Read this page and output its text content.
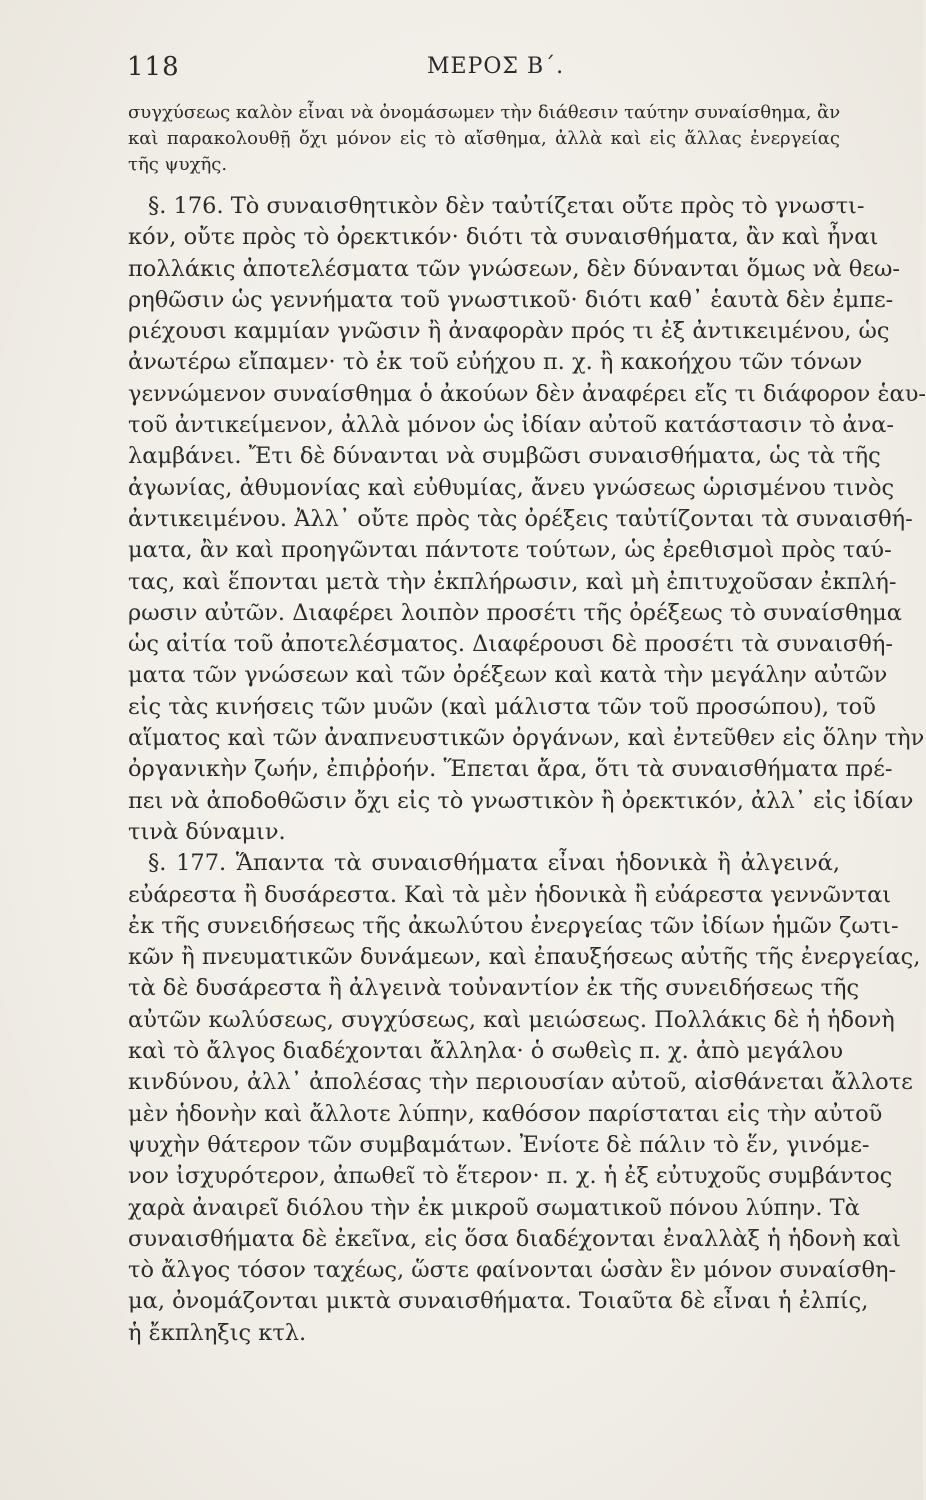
118	ΜΕΡΟΣ Β΄.
συγχύσεως καλὸν εἶναι νὰ ὀνομάσωμεν τὴν διάθεσιν ταύτην συναίσθημα, ἂν
καὶ παρακολουθῇ ὄχι μόνον εἰς τὸ αἴσθημα, ἀλλὰ καὶ εἰς ἄλλας ἐνεργείας
τῆς ψυχῆς.
§. 176. Τὸ συναισθητικὸν δὲν ταὐτίζεται οὔτε πρὸς τὸ γνωστι-
κόν, οὔτε πρὸς τὸ ὀρεκτικόν· διότι τὰ συναισθήματα, ἂν καὶ ἦναι
πολλάκις ἀποτελέσματα τῶν γνώσεων, δὲν δύνανται ὅμως νὰ θεω-
ρηθῶσιν ὡς γεννήματα τοῦ γνωστικοῦ· διότι καθ᾽ ἑαυτὰ δὲν ἐμπε-
ριέχουσι καμμίαν γνῶσιν ἢ ἀναφορὰν πρός τι ἐξ ἀντικειμένου, ὡς
ἀνωτέρω εἴπαμεν· τὸ ἐκ τοῦ εὐήχου π. χ. ἢ κακοήχου τῶν τόνων
γεννώμενον συναίσθημα ὁ ἀκούων δὲν ἀναφέρει εἴς τι διάφορον ἑαυ-
τοῦ ἀντικείμενον, ἀλλὰ μόνον ὡς ἰδίαν αὐτοῦ κατάστασιν τὸ ἀνα-
λαμβάνει. Ἔτι δὲ δύνανται νὰ συμβῶσι συναισθήματα, ὡς τὰ τῆς
ἀγωνίας, ἀθυμονίας καὶ εὐθυμίας, ἄνευ γνώσεως ὡρισμένου τινὸς
ἀντικειμένου. Ἀλλ᾽ οὔτε πρὸς τὰς ὀρέξεις ταὐτίζονται τὰ συναισθή-
ματα, ἂν καὶ προηγῶνται πάντοτε τούτων, ὡς ἐρεθισμοὶ πρὸς ταύ-
τας, καὶ ἕπονται μετὰ τὴν ἐκπλήρωσιν, καὶ μὴ ἐπιτυχοῦσαν ἐκπλή-
ρωσιν αὐτῶν. Διαφέρει λοιπὸν προσέτι τῆς ὀρέξεως τὸ συναίσθημα
ὡς αἰτία τοῦ ἀποτελέσματος. Διαφέρουσι δὲ προσέτι τὰ συναισθή-
ματα τῶν γνώσεων καὶ τῶν ὀρέξεων καὶ κατὰ τὴν μεγάλην αὐτῶν
εἰς τὰς κινήσεις τῶν μυῶν (καὶ μάλιστα τῶν τοῦ προσώπου), τοῦ
αἵματος καὶ τῶν ἀναπνευστικῶν ὀργάνων, καὶ ἐντεῦθεν εἰς ὅλην τὴν
ὀργανικὴν ζωήν, ἐπιῤῥοήν. Ἕπεται ἄρα, ὅτι τὰ συναισθήματα πρέ-
πει νὰ ἀποδοθῶσιν ὄχι εἰς τὸ γνωστικὸν ἢ ὀρεκτικόν, ἀλλ᾽ εἰς ἰδίαν
τινὰ δύναμιν.
§. 177. Ἅπαντα τὰ συναισθήματα εἶναι ἡδονικὰ ἢ ἀλγεινά,
εὐάρεστα ἢ δυσάρεστα. Καὶ τὰ μὲν ἡδονικὰ ἢ εὐάρεστα γεννῶνται
ἐκ τῆς συνειδήσεως τῆς ἀκωλύτου ἐνεργείας τῶν ἰδίων ἡμῶν ζωτι-
κῶν ἢ πνευματικῶν δυνάμεων, καὶ ἐπαυξήσεως αὐτῆς τῆς ἐνεργείας,
τὰ δὲ δυσάρεστα ἢ ἀλγεινὰ τοὐναντίον ἐκ τῆς συνειδήσεως τῆς
αὐτῶν κωλύσεως, συγχύσεως, καὶ μειώσεως. Πολλάκις δὲ ἡ ἡδονὴ
καὶ τὸ ἄλγος διαδέχονται ἄλληλα· ὁ σωθεὶς π. χ. ἀπὸ μεγάλου
κινδύνου, ἀλλ᾽ ἀπολέσας τὴν περιουσίαν αὐτοῦ, αἰσθάνεται ἄλλοτε
μὲν ἡδονὴν καὶ ἄλλοτε λύπην, καθόσον παρίσταται εἰς τὴν αὐτοῦ
ψυχὴν θάτερον τῶν συμβαμάτων. Ἐνίοτε δὲ πάλιν τὸ ἕν, γινόμε-
νον ἰσχυρότερον, ἀπωθεῖ τὸ ἕτερον· π. χ. ἡ ἐξ εὐτυχοῦς συμβάντος
χαρὰ ἀναιρεῖ διόλου τὴν ἐκ μικροῦ σωματικοῦ πόνου λύπην. Τὰ
συναισθήματα δὲ ἐκεῖνα, εἰς ὅσα διαδέχονται ἐναλλὰξ ἡ ἡδονὴ καὶ
τὸ ἄλγος τόσον ταχέως, ὥστε φαίνονται ὡσὰν ἓν μόνον συναίσθη-
μα, ὀνομάζονται μικτὰ συναισθήματα. Τοιαῦτα δὲ εἶναι ἡ ἐλπίς,
ἡ ἔκπληξις κτλ.
